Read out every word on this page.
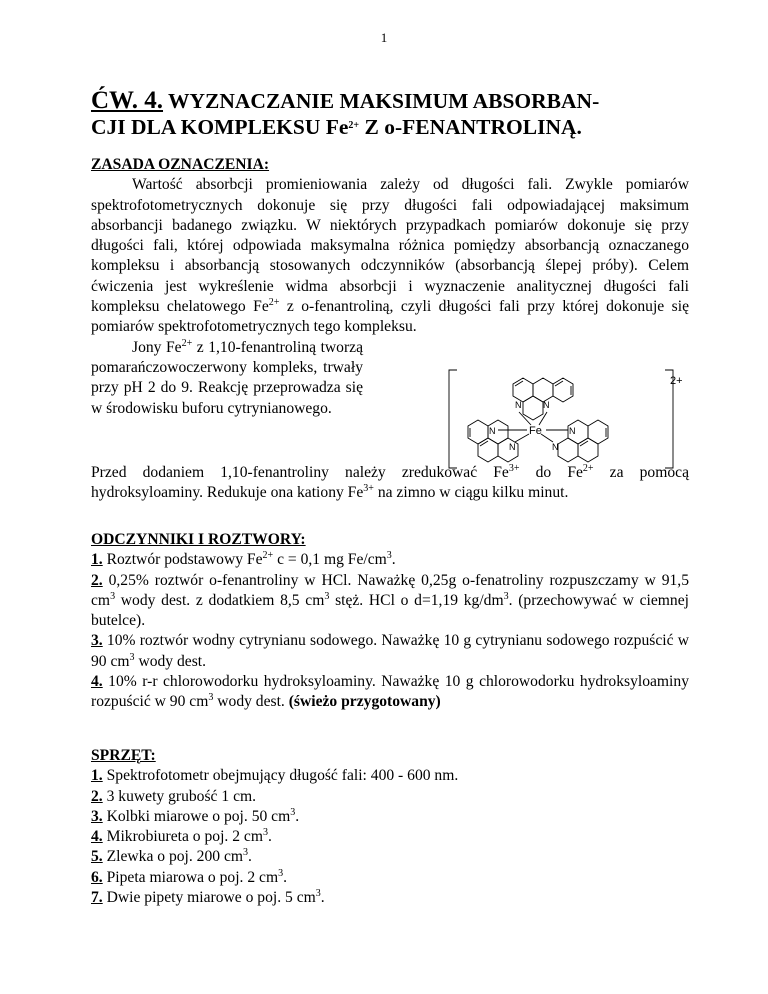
1
ĆW. 4. WYZNACZANIE MAKSIMUM ABSORBAN-
CJI DLA KOMPLEKSU $Fe^{2+}$ Z o-FENANTROLINĄ.
ZASADA OZNACZENIA:

Wartość absorbcji promieniowania zależy od długości fali. Zwykle pomiarów spektrofotometrycznych dokonuje się przy długości fali odpowiadającej maksimum absorbancji badanego związku. W niektórych przypadkach pomiarów dokonuje się przy długości fali, której odpowiada maksymalna różnica pomiędzy absorbancją oznaczanego kompleksu i absorbancją stosowanych odczynników (absorbancją ślepej próby). Celem ćwiczenia jest wykreślenie widma absorbcji i wyznaczenie analitycznej długości fali kompleksu chelatowego $Fe^{2+}$ z o-fenantroliną, czyli długości fali przy której dokonuje się pomiarów spektrofotometrycznych tego kompleksu.

Jony $Fe^{2+}$ z 1,10-fenantroliną tworzą pomarańczowoczerwony kompleks, trwały przy pH 2 do 9. Reakcję przeprowadza się w środowisku buforu cytrynianowego.

Przed dodaniem 1,10-fenantroliny należy zredukować $Fe^{3+}$ do $Fe^{2+}$ za pomocą hydroksyloaminy. Redukuje ona kationy $Fe^{3+}$ na zimno w ciągu kilku minut.
2+
N N
Fe
N
N
N
N
ODCZYNNIKI I ROZTWORY:

1. Roztwór podstawowy $Fe^{2+}$ c = 0,1 mg $Fe/cm^3$.

2. 0,25% roztwór o-fenantroliny w HCl. Naważkę 0,25g o-fenatroliny rozpuszczamy w 91,5 $cm^3$ wody dest. z dodatkiem 8,5 $cm^3$ stęż. HCl o d=1,19 $kg/dm^3$. (przechowywać w ciemnej butelce).

3. 10% roztwór wodny cytrynianu sodowego. Naważkę 10 g cytrynianu sodowego rozpuścić w 90 $cm^3$ wody dest.

4. 10% r-r chlorowodorku hydroksyloaminy. Naważkę 10 g chlorowodorku hydroksyloaminy rozpuścić w 90 $cm^3$ wody dest. (świeżo przygotowany)

SPRZĘT:

1. Spektrofotometr obejmujący długość fali: 400 - 600 nm.

2. 3 kuwety grubość 1 cm.

3. Kolbki miarowe o poj. 50 $cm^3$.

4. Mikrobiureta o poj. 2 $cm^3$.

5. Zlewka o poj. 200 $cm^3$.

6. Pipeta miarowa o poj. 2 $cm^3$.

7. Dwie pipety miarowe o poj. 5 $cm^3$.
